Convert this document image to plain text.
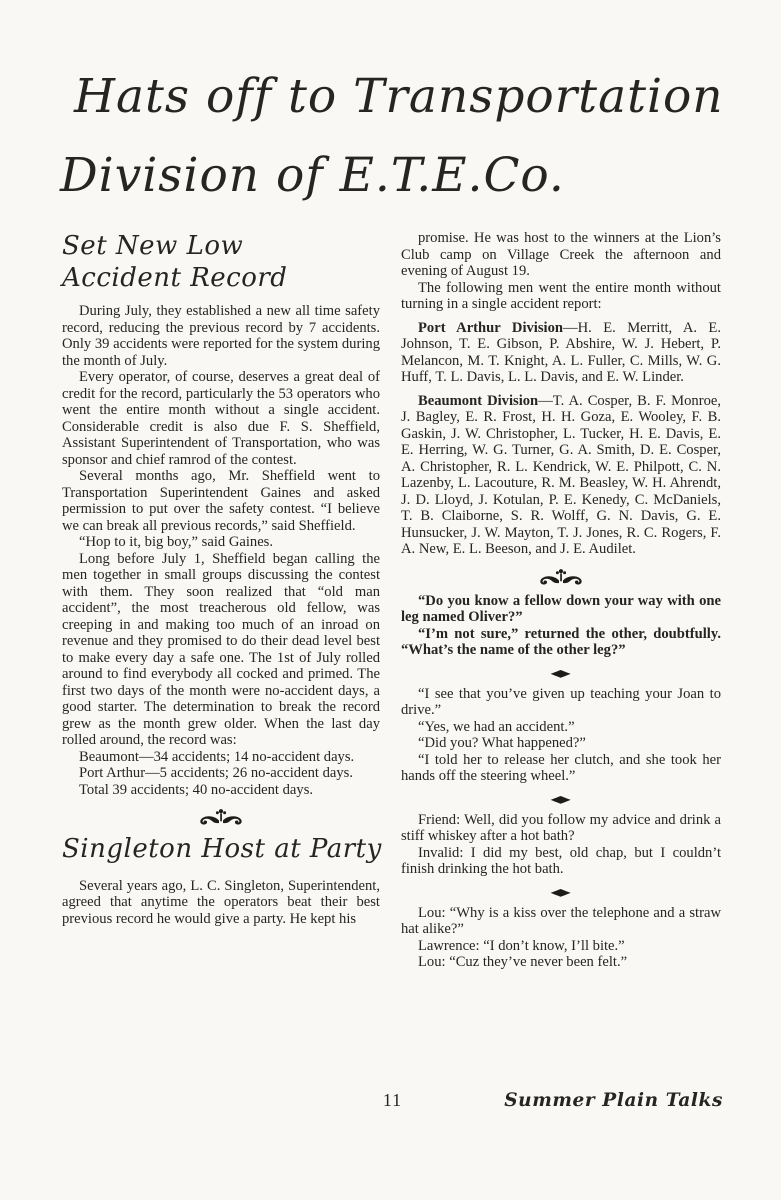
Hats off to Transportation
Division of E.T.E.Co.
Set New Low
Accident Record

During July, they established a new all time safety record, reducing the previous record by 7 accidents. Only 39 accidents were reported for the system during the month of July.

Every operator, of course, deserves a great deal of credit for the record, particularly the 53 operators who went the entire month without a single accident. Considerable credit is also due F. S. Sheffield, Assistant Superintendent of Transportation, who was sponsor and chief ramrod of the contest.

Several months ago, Mr. Sheffield went to Transportation Superintendent Gaines and asked permission to put over the safety contest. “I believe we can break all previous records,” said Sheffield.

“Hop to it, big boy,” said Gaines.

Long before July 1, Sheffield began calling the men together in small groups discussing the contest with them. They soon realized that “old man accident”, the most treacherous old fellow, was creeping in and making too much of an inroad on revenue and they promised to do their dead level best to make every day a safe one. The 1st of July rolled around to find everybody all cocked and primed. The first two days of the month were no-accident days, a good starter. The determination to break the record grew as the month grew older. When the last day rolled around, the record was:

Beaumont—34 accidents; 14 no-accident days.

Port Arthur—5 accidents; 26 no-accident days.

Total 39 accidents; 40 no-accident days.

Singleton Host at Party

Several years ago, L. C. Singleton, Superintendent, agreed that anytime the operators beat their best previous record he would give a party. He kept his

promise. He was host to the winners at the Lion’s Club camp on Village Creek the afternoon and evening of August 19.

The following men went the entire month without turning in a single accident report:

Port Arthur Division—H. E. Merritt, A. E. Johnson, T. E. Gibson, P. Abshire, W. J. Hebert, P. Melancon, M. T. Knight, A. L. Fuller, C. Mills, W. G. Huff, T. L. Davis, L. L. Davis, and E. W. Linder.

Beaumont Division—T. A. Cosper, B. F. Monroe, J. Bagley, E. R. Frost, H. H. Goza, E. Wooley, F. B. Gaskin, J. W. Christopher, L. Tucker, H. E. Davis, E. E. Herring, W. G. Turner, G. A. Smith, D. E. Cosper, A. Christopher, R. L. Kendrick, W. E. Philpott, C. N. Lazenby, L. Lacouture, R. M. Beasley, W. H. Ahrendt, J. D. Lloyd, J. Kotulan, P. E. Kenedy, C. McDaniels, T. B. Claiborne, S. R. Wolff, G. N. Davis, G. E. Hunsucker, J. W. Mayton, T. J. Jones, R. C. Rogers, F. A. New, E. L. Beeson, and J. E. Audilet.

“Do you know a fellow down your way with one leg named Oliver?”

“I’m not sure,” returned the other, doubtfully. “What’s the name of the other leg?”

◆

“I see that you’ve given up teaching your Joan to drive.”

“Yes, we had an accident.”

“Did you? What happened?”

“I told her to release her clutch, and she took her hands off the steering wheel.”

◆

Friend: Well, did you follow my advice and drink a stiff whiskey after a hot bath?

Invalid: I did my best, old chap, but I couldn’t finish drinking the hot bath.

◆

Lou: “Why is a kiss over the telephone and a straw hat alike?”

Lawrence: “I don’t know, I’ll bite.”

Lou: “Cuz they’ve never been felt.”

11	Summer Plain Talks
